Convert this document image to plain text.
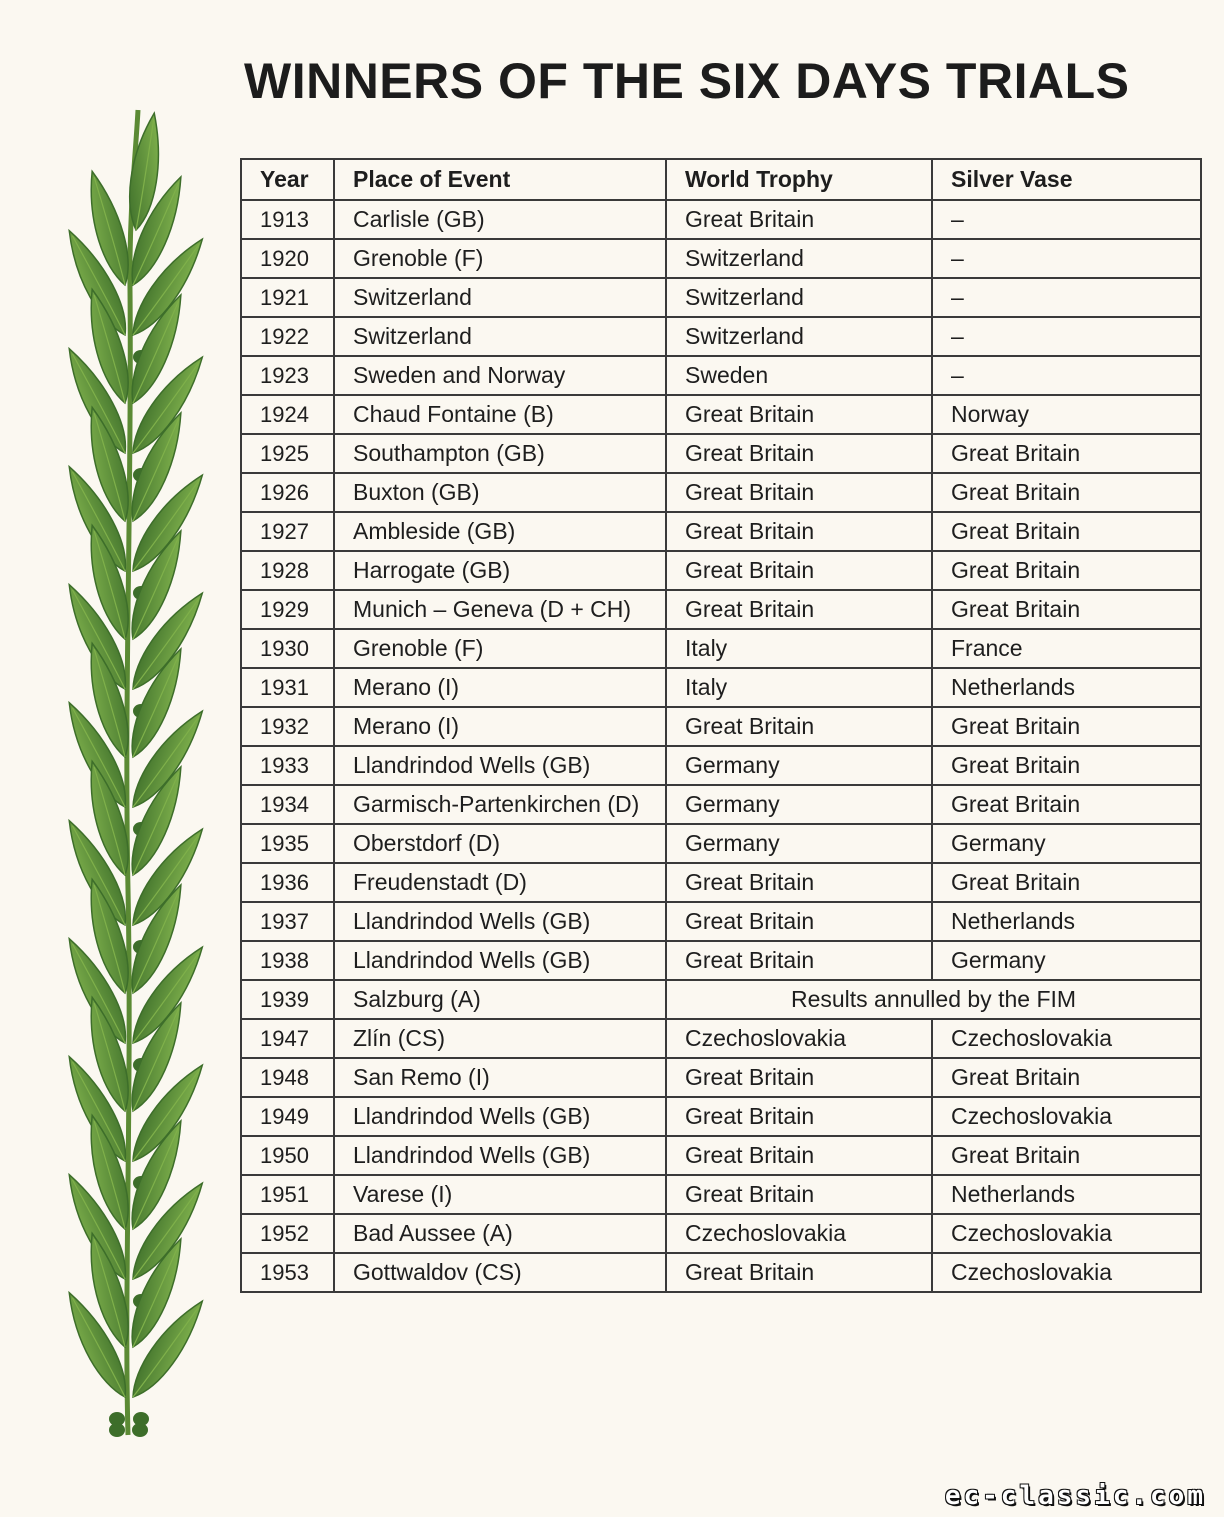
WINNERS OF THE SIX DAYS TRIALS
Year	Place of Event	World Trophy	Silver Vase
1913	Carlisle (GB)	Great Britain	–
1920	Grenoble (F)	Switzerland	–
1921	Switzerland	Switzerland	–
1922	Switzerland	Switzerland	–
1923	Sweden and Norway	Sweden	–
1924	Chaud Fontaine (B)	Great Britain	Norway
1925	Southampton (GB)	Great Britain	Great Britain
1926	Buxton (GB)	Great Britain	Great Britain
1927	Ambleside (GB)	Great Britain	Great Britain
1928	Harrogate (GB)	Great Britain	Great Britain
1929	Munich – Geneva (D + CH)	Great Britain	Great Britain
1930	Grenoble (F)	Italy	France
1931	Merano (I)	Italy	Netherlands
1932	Merano (I)	Great Britain	Great Britain
1933	Llandrindod Wells (GB)	Germany	Great Britain
1934	Garmisch-Partenkirchen (D)	Germany	Great Britain
1935	Oberstdorf (D)	Germany	Germany
1936	Freudenstadt (D)	Great Britain	Great Britain
1937	Llandrindod Wells (GB)	Great Britain	Netherlands
1938	Llandrindod Wells (GB)	Great Britain	Germany
1939	Salzburg (A)	Results annulled by the FIM	
1947	Zlín (CS)	Czechoslovakia	Czechoslovakia
1948	San Remo (I)	Great Britain	Great Britain
1949	Llandrindod Wells (GB)	Great Britain	Czechoslovakia
1950	Llandrindod Wells (GB)	Great Britain	Great Britain
1951	Varese (I)	Great Britain	Netherlands
1952	Bad Aussee (A)	Czechoslovakia	Czechoslovakia
1953	Gottwaldov (CS)	Great Britain	Czechoslovakia
ec-classic.com
